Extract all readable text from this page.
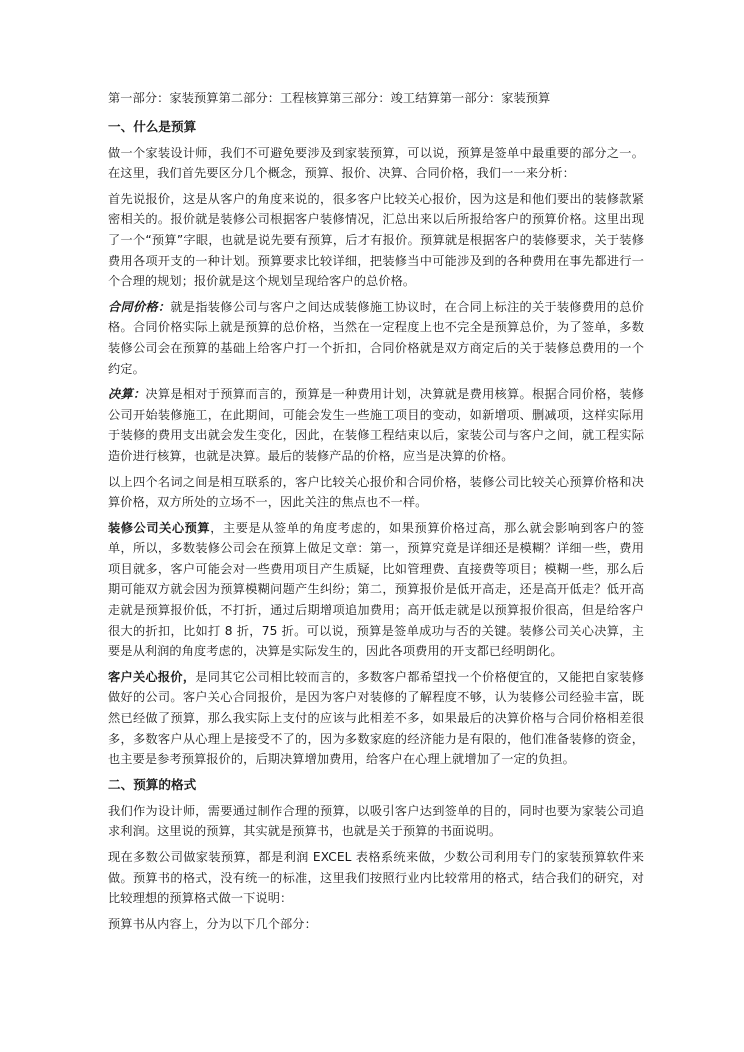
第一部分：家装预算第二部分：工程核算第三部分：竣工结算第一部分：家装预算

一、什么是预算

做一个家装设计师，我们不可避免要涉及到家装预算，可以说，预算是签单中最重要的部分之一。在这里，我们首先要区分几个概念，预算、报价、决算、合同价格，我们一一来分析：

首先说报价，这是从客户的角度来说的，很多客户比较关心报价，因为这是和他们要出的装修款紧密相关的。报价就是装修公司根据客户装修情况，汇总出来以后所报给客户的预算价格。这里出现了一个“预算”字眼，也就是说先要有预算，后才有报价。预算就是根据客户的装修要求，关于装修费用各项开支的一种计划。预算要求比较详细，把装修当中可能涉及到的各种费用在事先都进行一个合理的规划；报价就是这个规划呈现给客户的总价格。

合同价格：就是指装修公司与客户之间达成装修施工协议时，在合同上标注的关于装修费用的总价格。合同价格实际上就是预算的总价格，当然在一定程度上也不完全是预算总价，为了签单，多数装修公司会在预算的基础上给客户打一个折扣，合同价格就是双方商定后的关于装修总费用的一个约定。

决算：决算是相对于预算而言的，预算是一种费用计划，决算就是费用核算。根据合同价格，装修公司开始装修施工，在此期间，可能会发生一些施工项目的变动，如新增项、删减项，这样实际用于装修的费用支出就会发生变化，因此，在装修工程结束以后，家装公司与客户之间，就工程实际造价进行核算，也就是决算。最后的装修产品的价格，应当是决算的价格。

以上四个名词之间是相互联系的，客户比较关心报价和合同价格，装修公司比较关心预算价格和决算价格，双方所处的立场不一，因此关注的焦点也不一样。

装修公司关心预算，主要是从签单的角度考虑的，如果预算价格过高，那么就会影响到客户的签单，所以，多数装修公司会在预算上做足文章：第一，预算究竟是详细还是模糊？详细一些，费用项目就多，客户可能会对一些费用项目产生质疑，比如管理费、直接费等项目；模糊一些，那么后期可能双方就会因为预算模糊问题产生纠纷；第二，预算报价是低开高走，还是高开低走？低开高走就是预算报价低，不打折，通过后期增项追加费用；高开低走就是以预算报价很高，但是给客户很大的折扣，比如打 8 折，75 折。可以说，预算是签单成功与否的关键。装修公司关心决算，主要是从利润的角度考虑的，决算是实际发生的，因此各项费用的开支都已经明朗化。

客户关心报价，是同其它公司相比较而言的，多数客户都希望找一个价格便宜的，又能把自家装修做好的公司。客户关心合同报价，是因为客户对装修的了解程度不够，认为装修公司经验丰富，既然已经做了预算，那么我实际上支付的应该与此相差不多，如果最后的决算价格与合同价格相差很多，多数客户从心理上是接受不了的，因为多数家庭的经济能力是有限的，他们准备装修的资金，也主要是参考预算报价的，后期决算增加费用，给客户在心理上就增加了一定的负担。

二、预算的格式

我们作为设计师，需要通过制作合理的预算，以吸引客户达到签单的目的，同时也要为家装公司追求利润。这里说的预算，其实就是预算书，也就是关于预算的书面说明。

现在多数公司做家装预算，都是利润 EXCEL 表格系统来做，少数公司利用专门的家装预算软件来做。预算书的格式，没有统一的标准，这里我们按照行业内比较常用的格式，结合我们的研究，对比较理想的预算格式做一下说明：

预算书从内容上，分为以下几个部分：
